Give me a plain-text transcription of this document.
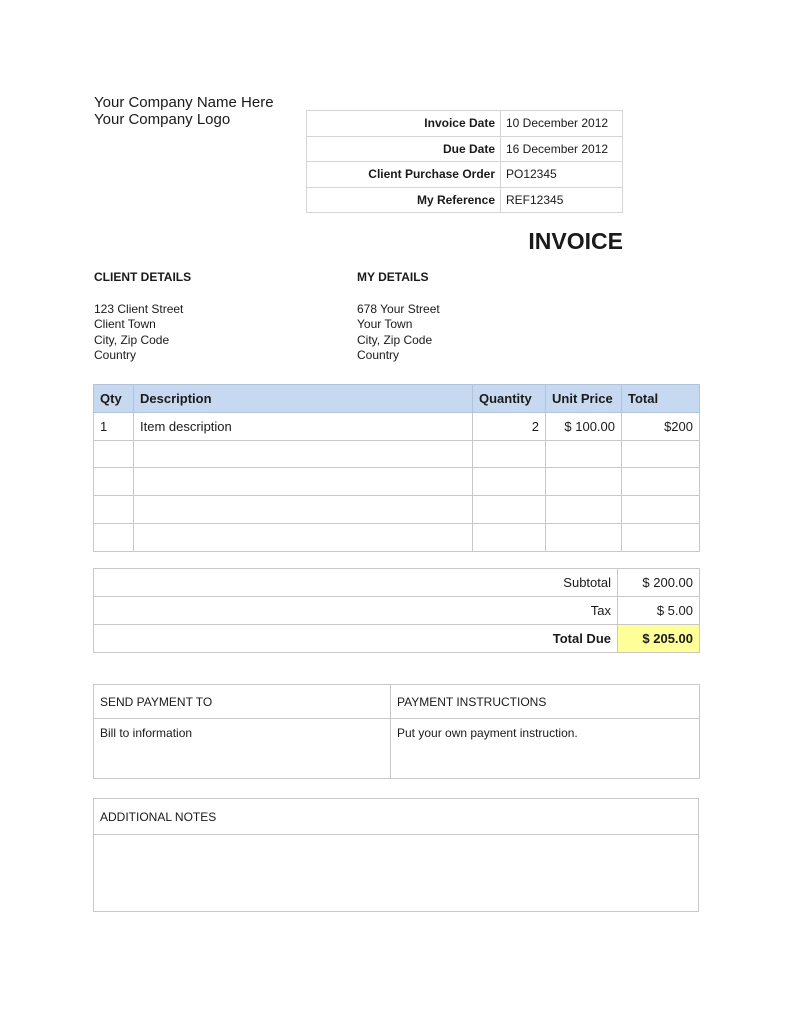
Your Company Name Here
Your Company Logo	Invoice Date	10 December 2012
Due Date	16 December 2012
Client Purchase Order	PO12345
My Reference	REF12345
INVOICE
CLIENT DETAILS
123 Client Street
Client Town
City, Zip Code
Country
MY DETAILS
678 Your Street
Your Town
City, Zip Code
Country
Qty	Description	Quantity	Unit Price	Total
1	Item description	2	$ 100.00	$200

Subtotal	$ 200.00
Tax	$ 5.00
Total Due	$ 205.00
SEND PAYMENT TO	PAYMENT INSTRUCTIONS
Bill to information	Put your own payment instruction.
ADDITIONAL NOTES
